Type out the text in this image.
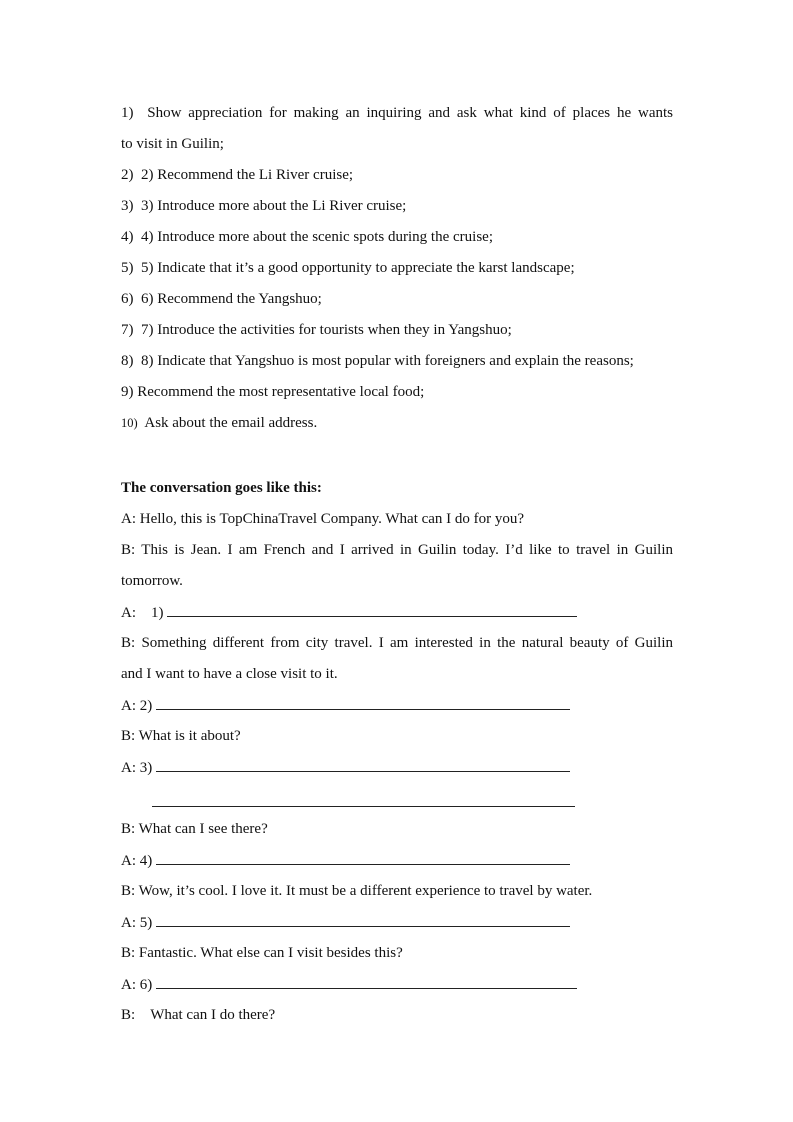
1) Show appreciation for making an inquiring and ask what kind of places he wants
to visit in Guilin;
2) 2) Recommend the Li River cruise;
3) 3) Introduce more about the Li River cruise;
4) 4) Introduce more about the scenic spots during the cruise;
5) 5) Indicate that it’s a good opportunity to appreciate the karst landscape;
6) 6) Recommend the Yangshuo;
7) 7) Introduce the activities for tourists when they in Yangshuo;
8) 8) Indicate that Yangshuo is most popular with foreigners and explain the reasons;
9) Recommend the most representative local food;
10) Ask about the email address.
The conversation goes like this:
A: Hello, this is TopChinaTravel Company. What can I do for you?
B: This is Jean. I am French and I arrived in Guilin today. I’d like to travel in Guilin
tomorrow.
A: 1)
B: Something different from city travel. I am interested in the natural beauty of Guilin
and I want to have a close visit to it.
A: 2)
B: What is it about?
A: 3)
B: What can I see there?
A: 4)
B: Wow, it’s cool. I love it. It must be a different experience to travel by water.
A: 5)
B: Fantastic. What else can I visit besides this?
A: 6)
B: What can I do there?
